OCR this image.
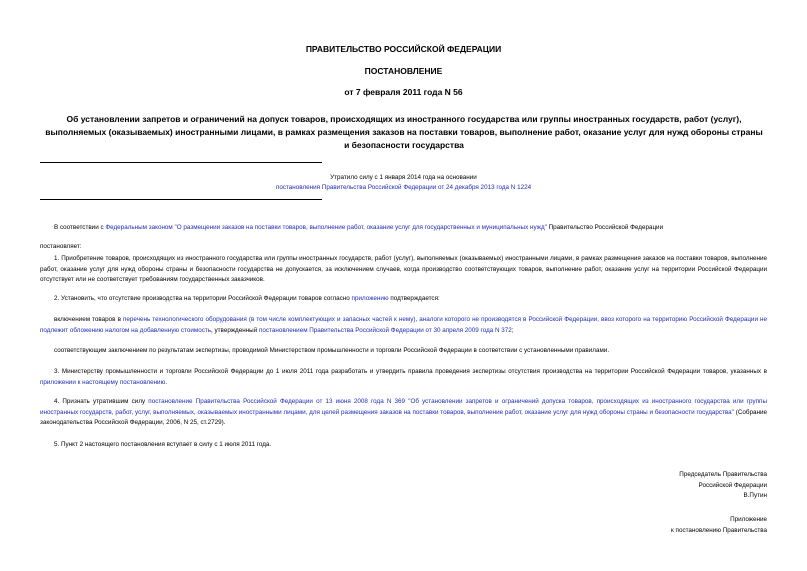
ПРАВИТЕЛЬСТВО РОССИЙСКОЙ ФЕДЕРАЦИИ
ПОСТАНОВЛЕНИЕ
от 7 февраля 2011 года N 56
Об установлении запретов и ограничений на допуск товаров, происходящих из иностранного государства или группы иностранных государств, работ (услуг), выполняемых (оказываемых) иностранными лицами, в рамках размещения заказов на поставки товаров, выполнение работ, оказание услуг для нужд обороны страны и безопасности государства
Утратило силу с 1 января 2014 года на основании
постановления Правительства Российской Федерации от 24 декабря 2013 года N 1224
В соответствии с Федеральным законом "О размещении заказов на поставки товаров, выполнение работ, оказание услуг для государственных и муниципальных нужд" Правительство Российской Федерации
постановляет:
1. Приобретение товаров, происходящих из иностранного государства или группы иностранных государств, работ (услуг), выполняемых (оказываемых) иностранными лицами, в рамках размещения заказов на поставки товаров, выполнение работ, оказание услуг для нужд обороны страны и безопасности государства не допускается, за исключением случаев, когда производство соответствующих товаров, выполнение работ, оказание услуг на территории Российской Федерации отсутствует или не соответствует требованиям государственных заказчиков.
2. Установить, что отсутствие производства на территории Российской Федерации товаров согласно приложению подтверждается:
включением товаров в перечень технологического оборудования (в том числе комплектующих и запасных частей к нему), аналоги которого не производятся в Российской Федерации, ввоз которого на территорию Российской Федерации не подлежит обложению налогом на добавленную стоимость, утвержденный постановлением Правительства Российской Федерации от 30 апреля 2009 года N 372;
соответствующим заключением по результатам экспертизы, проводимой Министерством промышленности и торговли Российской Федерации в соответствии с установленными правилами.
3. Министерству промышленности и торговли Российской Федерации до 1 июля 2011 года разработать и утвердить правила проведения экспертизы отсутствия производства на территории Российской Федерации товаров, указанных в приложении к настоящему постановлению.
4. Признать утратившим силу постановление Правительства Российской Федерации от 13 июня 2008 года N 369 "Об установлении запретов и ограничений допуска товаров, происходящих из иностранного государства или группы иностранных государств, работ, услуг, выполняемых, оказываемых иностранными лицами, для целей размещения заказов на поставки товаров, выполнение работ, оказание услуг для нужд обороны страны и безопасности государства" (Собрание законодательства Российской Федерации, 2006, N 25, ст.2729).
5. Пункт 2 настоящего постановления вступает в силу с 1 июля 2011 года.
Председатель Правительства
Российской Федерации
В.Путин
Приложение
к постановлению Правительства
